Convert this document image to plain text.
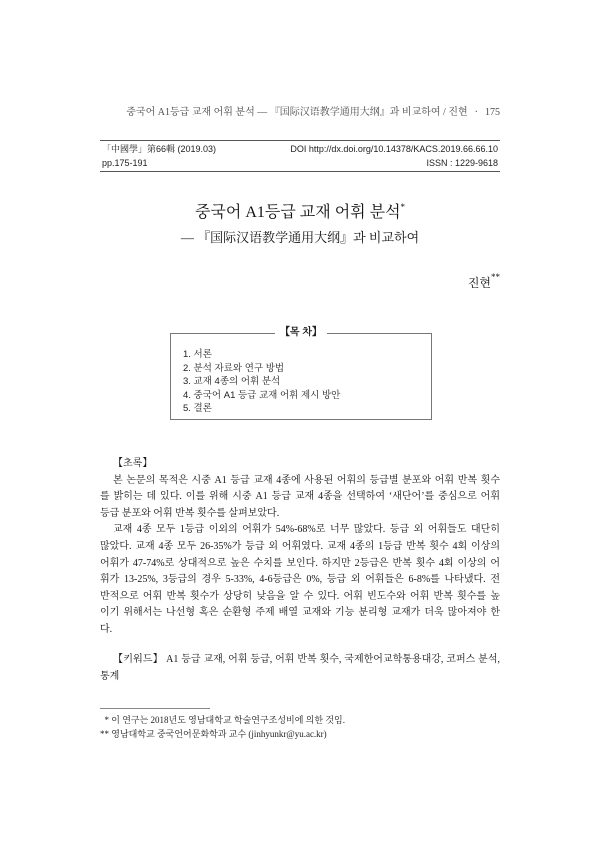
중국어 A1등급 교재 어휘 분석 — 『国际汉语教学通用大纲』과 비교하여 / 진현 · 175
「中國學」第66輯 (2019.03)	DOI http://dx.doi.org/10.14378/KACS.2019.66.66.10
pp.175-191	ISSN : 1229-9618
중국어 A1등급 교재 어휘 분석*
— 『国际汉语教学通用大纲』과 비교하여
진현**
【목 차】
1. 서론
2. 분석 자료와 연구 방법
3. 교재 4종의 어휘 분석
4. 중국어 A1 등급 교재 어휘 제시 방안
5. 결론
【초록】
본 논문의 목적은 시중 A1 등급 교재 4종에 사용된 어휘의 등급별 분포와 어휘 반복 횟수
를 밝히는 데 있다. 이를 위해 시중 A1 등급 교재 4종을 선택하여 ‘새단어’를 중심으로 어휘
등급 분포와 어휘 반복 횟수를 살펴보았다.
교재 4종 모두 1등급 이외의 어휘가 54%-68%로 너무 많았다. 등급 외 어휘들도 대단히
많았다. 교재 4종 모두 26-35%가 등급 외 어휘였다. 교재 4종의 1등급 반복 횟수 4회 이상의
어휘가 47-74%로 상대적으로 높은 수치를 보인다. 하지만 2등급은 반복 횟수 4회 이상의 어
휘가 13-25%, 3등급의 경우 5-33%, 4-6등급은 0%, 등급 외 어휘들은 6-8%를 나타냈다. 전
반적으로 어휘 반복 횟수가 상당히 낮음을 알 수 있다. 어휘 빈도수와 어휘 반복 횟수를 높
이기 위해서는 나선형 혹은 순환형 주제 배열 교재와 기능 분리형 교재가 더욱 많아져야 한
다.
【키워드】 A1 등급 교재, 어휘 등급, 어휘 반복 횟수, 국제한어교학통용대강, 코퍼스 분석,
통계
* 이 연구는 2018년도 영남대학교 학술연구조성비에 의한 것임.
** 영남대학교 중국언어문화학과 교수 (jinhyunkr@yu.ac.kr)
